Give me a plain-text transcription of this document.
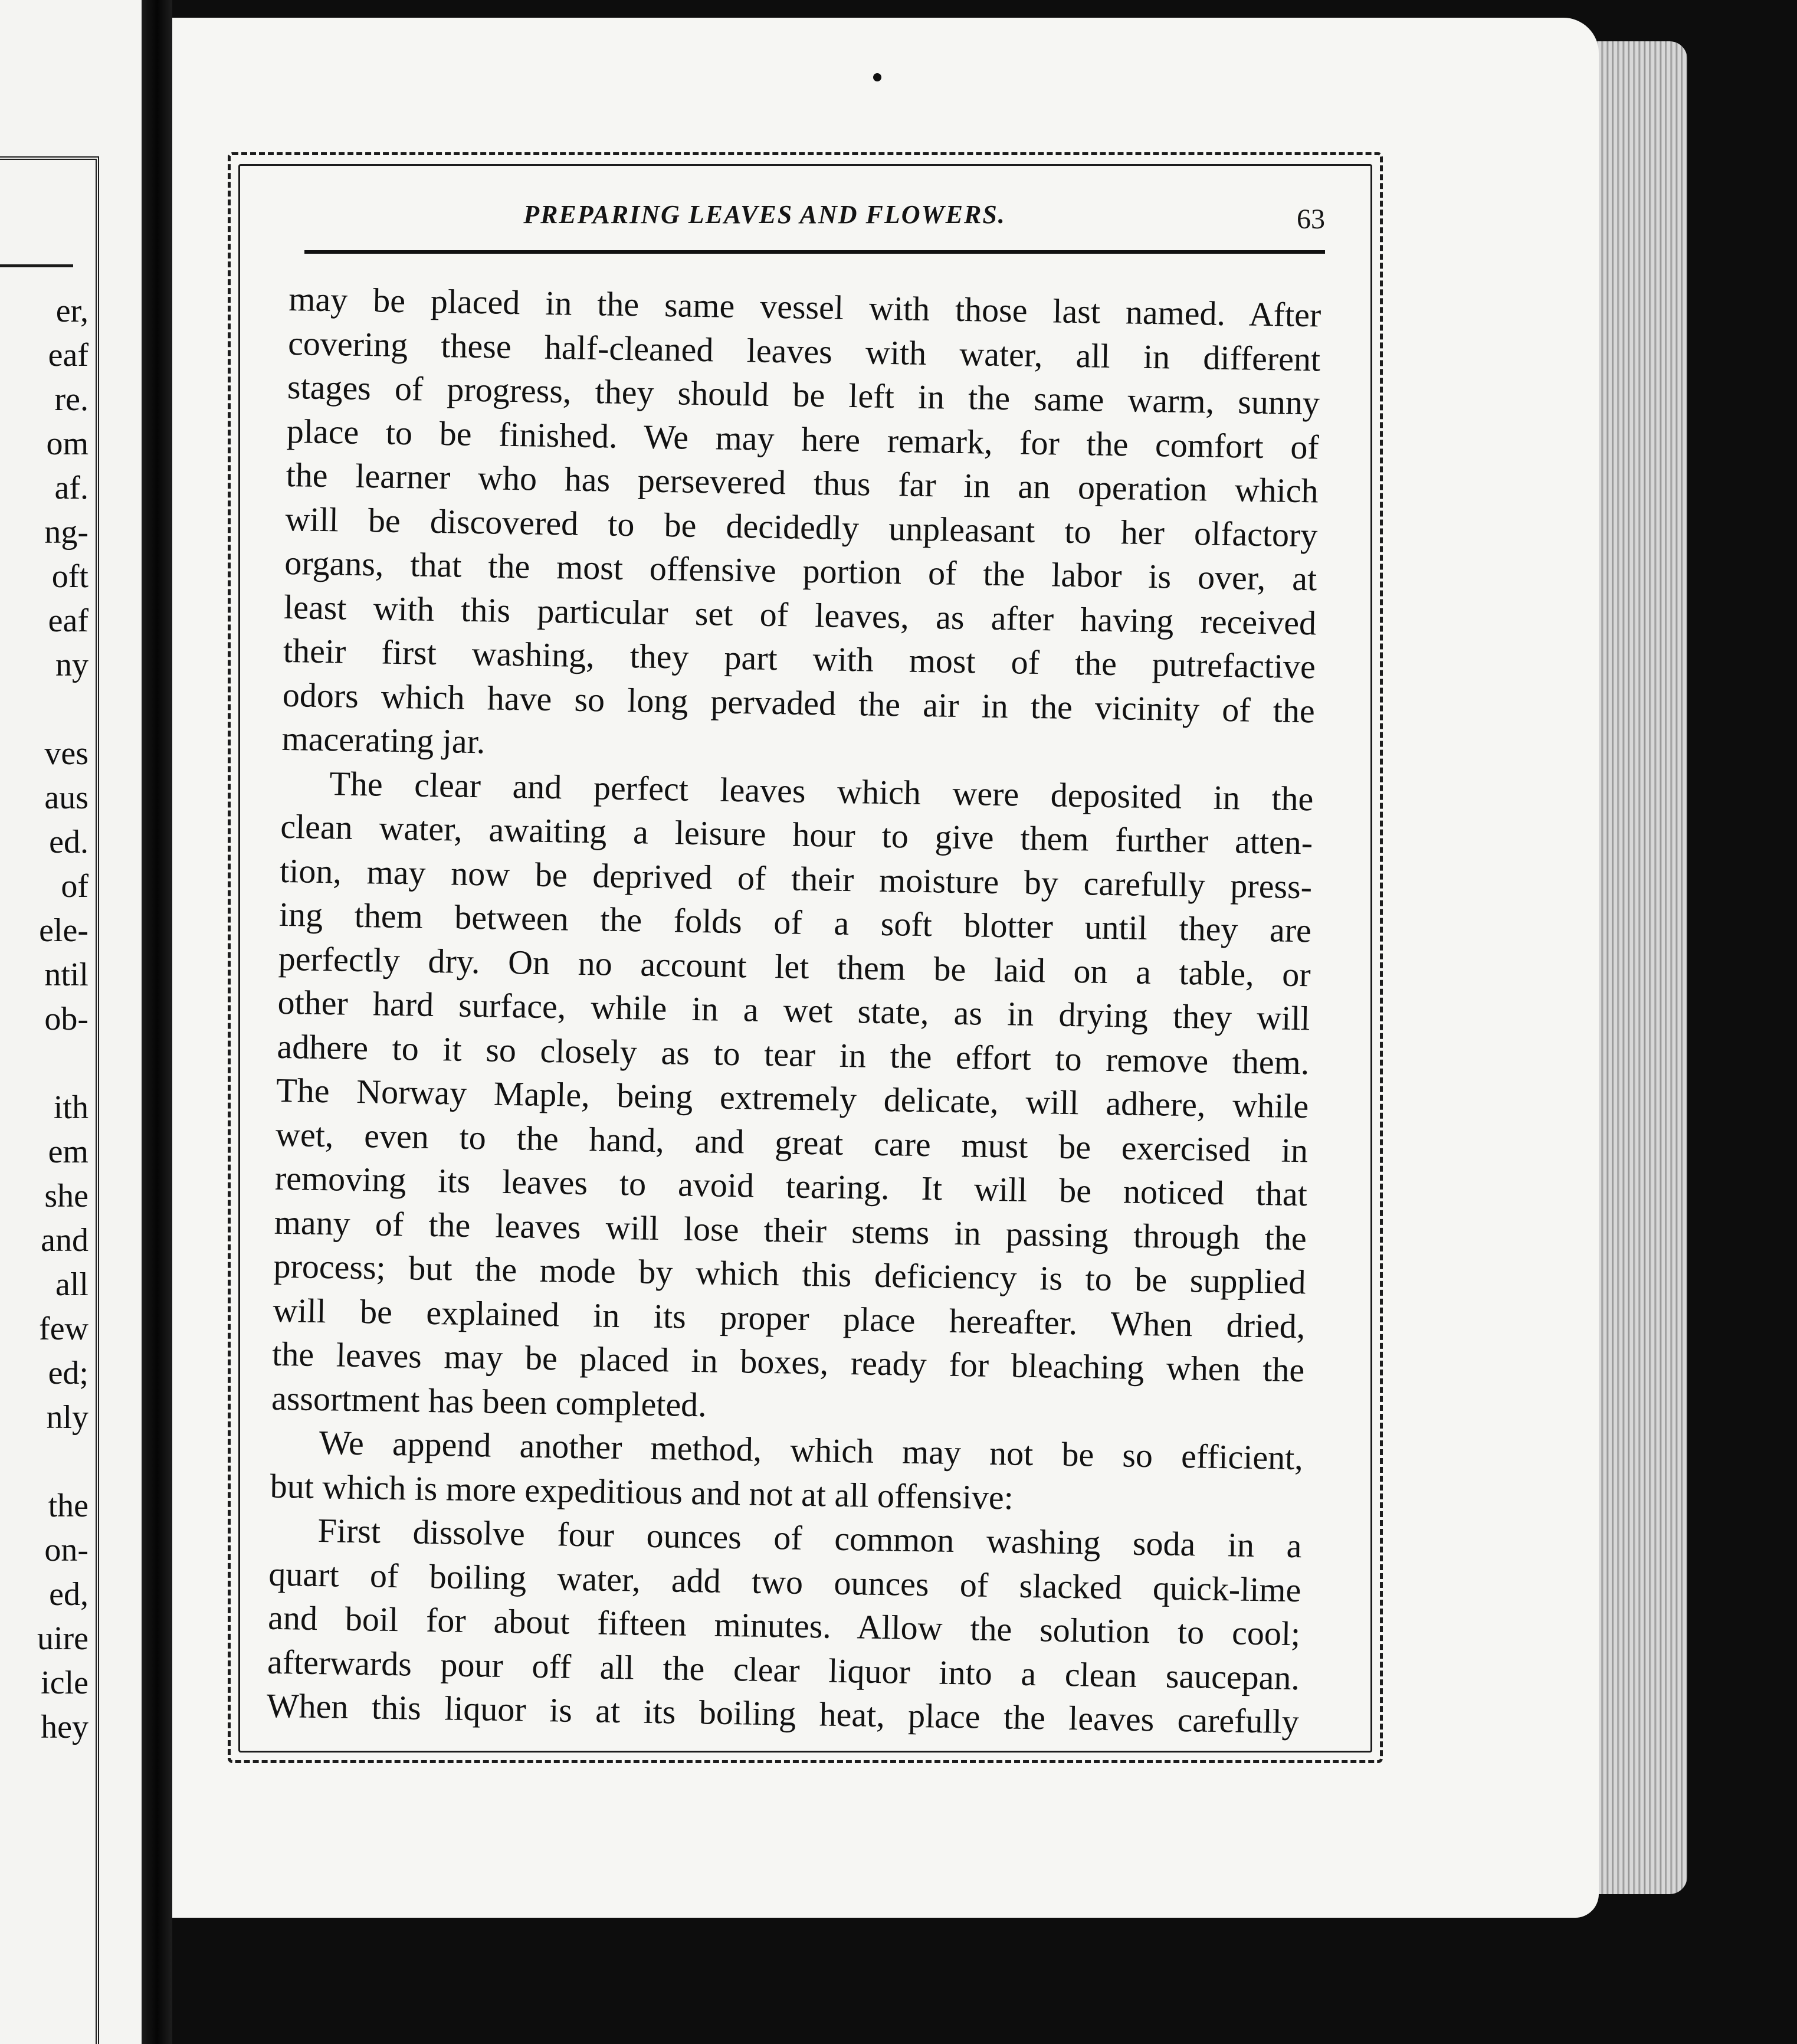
er,
eaf
re.
om
af.
ng-
oft
eaf
ny
ves
aus
ed.
of
ele-
ntil
ob-
ith
em
she
and
all
few
ed;
nly
the
on-
ed,
uire
icle
hey
PREPARING LEAVES AND FLOWERS.	63
may be placed in the same vessel with those last named. After
covering these half-cleaned leaves with water, all in different
stages of progress, they should be left in the same warm, sunny
place to be finished. We may here remark, for the comfort of
the learner who has persevered thus far in an operation which
will be discovered to be decidedly unpleasant to her olfactory
organs, that the most offensive portion of the labor is over, at
least with this particular set of leaves, as after having received
their first washing, they part with most of the putrefactive
odors which have so long pervaded the air in the vicinity of the
macerating jar.
The clear and perfect leaves which were deposited in the
clean water, awaiting a leisure hour to give them further atten-
tion, may now be deprived of their moisture by carefully press-
ing them between the folds of a soft blotter until they are
perfectly dry. On no account let them be laid on a table, or
other hard surface, while in a wet state, as in drying they will
adhere to it so closely as to tear in the effort to remove them.
The Norway Maple, being extremely delicate, will adhere, while
wet, even to the hand, and great care must be exercised in
removing its leaves to avoid tearing. It will be noticed that
many of the leaves will lose their stems in passing through the
process; but the mode by which this deficiency is to be supplied
will be explained in its proper place hereafter. When dried,
the leaves may be placed in boxes, ready for bleaching when the
assortment has been completed.
We append another method, which may not be so efficient,
but which is more expeditious and not at all offensive:
First dissolve four ounces of common washing soda in a
quart of boiling water, add two ounces of slacked quick-lime
and boil for about fifteen minutes. Allow the solution to cool;
afterwards pour off all the clear liquor into a clean saucepan.
When this liquor is at its boiling heat, place the leaves carefully
